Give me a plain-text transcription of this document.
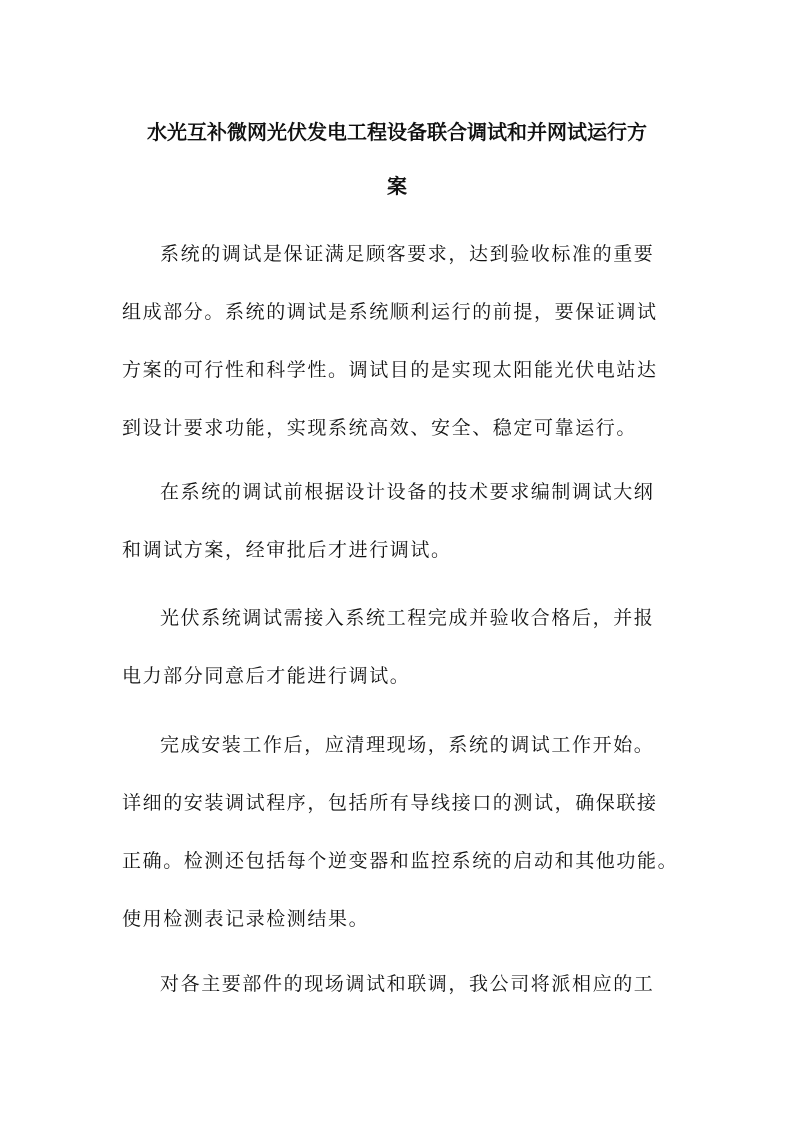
水光互补微网光伏发电工程设备联合调试和并网试运行方
案
系统的调试是保证满足顾客要求，达到验收标准的重要
组成部分。系统的调试是系统顺利运行的前提，要保证调试
方案的可行性和科学性。调试目的是实现太阳能光伏电站达
到设计要求功能，实现系统高效、安全、稳定可靠运行。
在系统的调试前根据设计设备的技术要求编制调试大纲
和调试方案，经审批后才进行调试。
光伏系统调试需接入系统工程完成并验收合格后，并报
电力部分同意后才能进行调试。
完成安装工作后，应清理现场，系统的调试工作开始。
详细的安装调试程序，包括所有导线接口的测试，确保联接
正确。检测还包括每个逆变器和监控系统的启动和其他功能。
使用检测表记录检测结果。
对各主要部件的现场调试和联调，我公司将派相应的工
